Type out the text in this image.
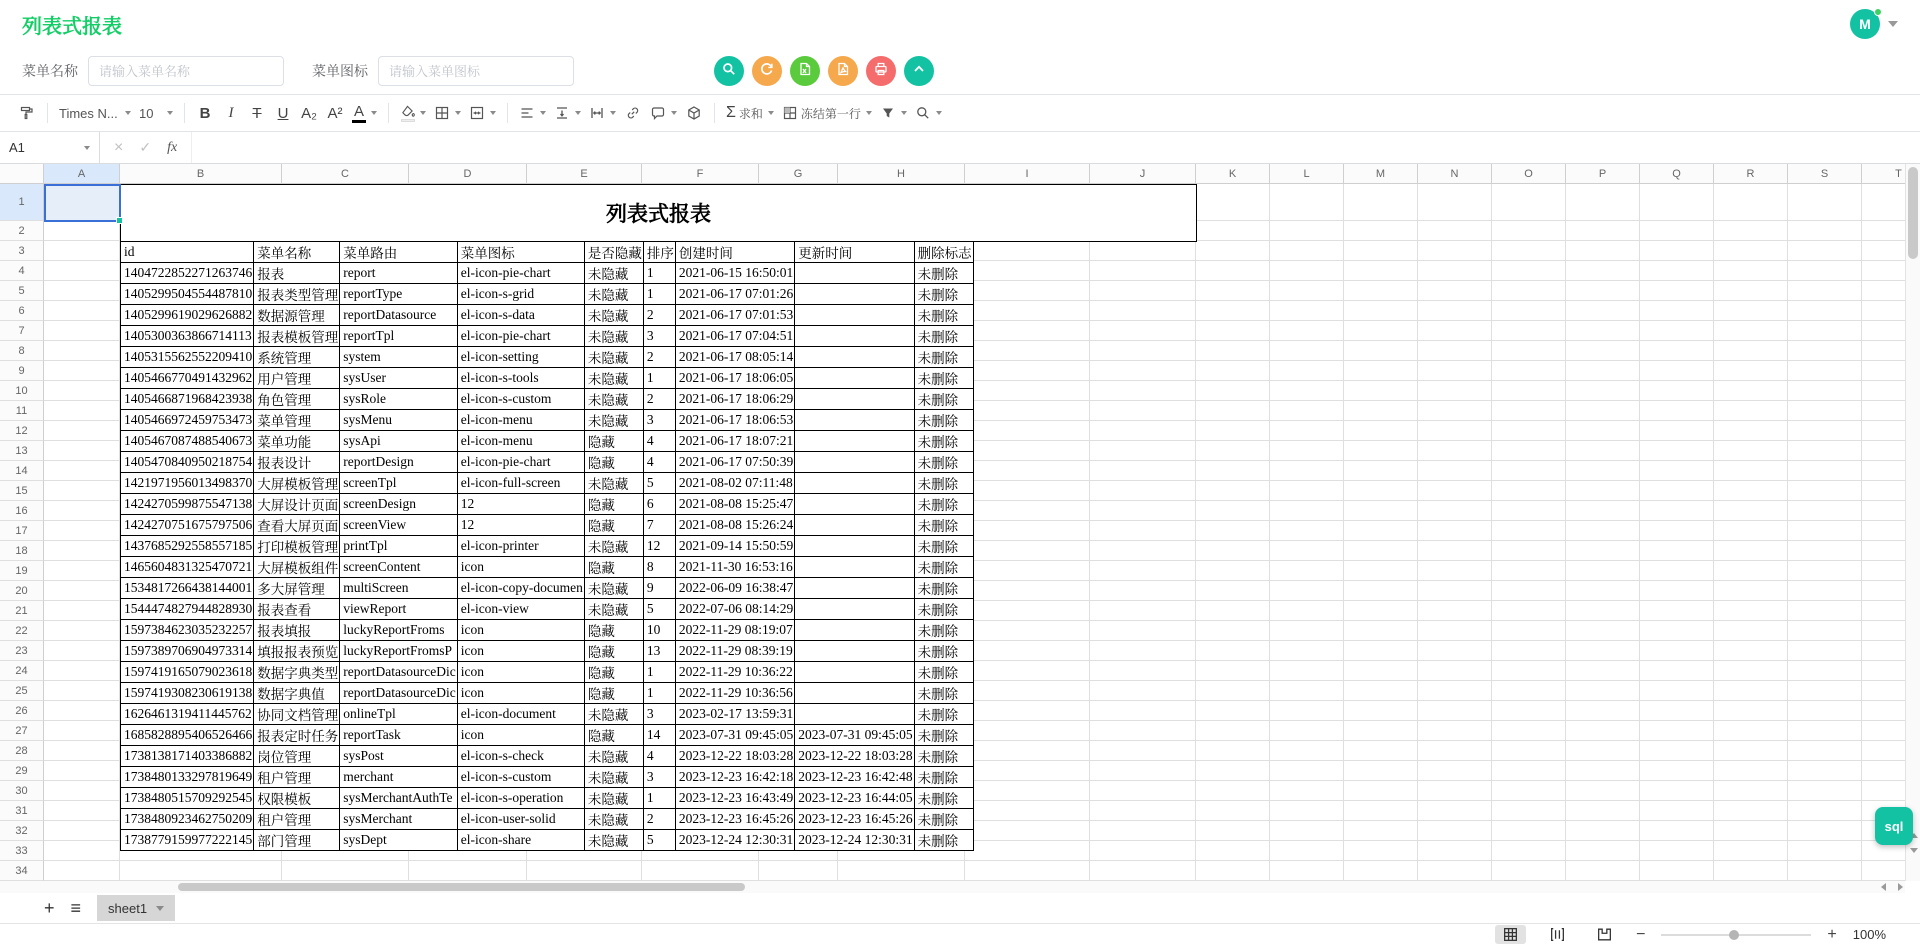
列表式报表	M
菜单名称
请输入菜单名称	菜单图标
请输入菜单图标
Times N... 10	B I T U A₂ A² A	Σ 求和	冻结第一行
A1	× ✓ fx
A	B	C	D	E	F	G	H	I	J	K	L	M	N	O	P	Q	R	S	T
1
2
3
4
5
6
7
8
9
10
11
12
13
14
15
16
17
18
19
20
21
22
23
24
25
26
27
28
29
30
31
32
33
34
列表式报表
id	菜单名称	菜单路由	菜单图标	是否隐藏	排序	创建时间	更新时间	删除标志
1404722852271263746	报表	report	el-icon-pie-chart	未隐藏	1	2021-06-15 16:50:01		未删除
1405299504554487810	报表类型管理	reportType	el-icon-s-grid	未隐藏	1	2021-06-17 07:01:26		未删除
1405299619029626882	数据源管理	reportDatasource	el-icon-s-data	未隐藏	2	2021-06-17 07:01:53		未删除
1405300363866714113	报表模板管理	reportTpl	el-icon-pie-chart	未隐藏	3	2021-06-17 07:04:51		未删除
1405315562552209410	系统管理	system	el-icon-setting	未隐藏	2	2021-06-17 08:05:14		未删除
1405466770491432962	用户管理	sysUser	el-icon-s-tools	未隐藏	1	2021-06-17 18:06:05		未删除
1405466871968423938	角色管理	sysRole	el-icon-s-custom	未隐藏	2	2021-06-17 18:06:29		未删除
1405466972459753473	菜单管理	sysMenu	el-icon-menu	未隐藏	3	2021-06-17 18:06:53		未删除
1405467087488540673	菜单功能	sysApi	el-icon-menu	隐藏	4	2021-06-17 18:07:21		未删除
1405470840950218754	报表设计	reportDesign	el-icon-pie-chart	隐藏	4	2021-06-17 07:50:39		未删除
1421971956013498370	大屏模板管理	screenTpl	el-icon-full-screen	未隐藏	5	2021-08-02 07:11:48		未删除
1424270599875547138	大屏设计页面	screenDesign	12	隐藏	6	2021-08-08 15:25:47		未删除
1424270751675797506	查看大屏页面	screenView	12	隐藏	7	2021-08-08 15:26:24		未删除
1437685292558557185	打印模板管理	printTpl	el-icon-printer	未隐藏	12	2021-09-14 15:50:59		未删除
1465604831325470721	大屏模板组件	screenContent	icon	隐藏	8	2021-11-30 16:53:16		未删除
1534817266438144001	多大屏管理	multiScreen	el-icon-copy-documen	未隐藏	9	2022-06-09 16:38:47		未删除
1544474827944828930	报表查看	viewReport	el-icon-view	未隐藏	5	2022-07-06 08:14:29		未删除
1597384623035232257	报表填报	luckyReportFroms	icon	隐藏	10	2022-11-29 08:19:07		未删除
1597389706904973314	填报报表预览	luckyReportFromsP	icon	隐藏	13	2022-11-29 08:39:19		未删除
1597419165079023618	数据字典类型	reportDatasourceDic	icon	隐藏	1	2022-11-29 10:36:22		未删除
1597419308230619138	数据字典值	reportDatasourceDic	icon	隐藏	1	2022-11-29 10:36:56		未删除
1626461319411445762	协同文档管理	onlineTpl	el-icon-document	未隐藏	3	2023-02-17 13:59:31		未删除
1685828895406526466	报表定时任务	reportTask	icon	隐藏	14	2023-07-31 09:45:05	2023-07-31 09:45:05	未删除
1738138171403386882	岗位管理	sysPost	el-icon-s-check	未隐藏	4	2023-12-22 18:03:28	2023-12-22 18:03:28	未删除
1738480133297819649	租户管理	merchant	el-icon-s-custom	未隐藏	3	2023-12-23 16:42:18	2023-12-23 16:42:48	未删除
1738480515709292545	权限模板	sysMerchantAuthTe	el-icon-s-operation	未隐藏	1	2023-12-23 16:43:49	2023-12-23 16:44:05	未删除
1738480923462750209	租户管理	sysMerchant	el-icon-user-solid	未隐藏	2	2023-12-23 16:45:26	2023-12-23 16:45:26	未删除
1738779159977222145	部门管理	sysDept	el-icon-share	未隐藏	5	2023-12-24 12:30:31	2023-12-24 12:30:31	未删除
+ ≡ sheet1
−	+ 100%
sql
